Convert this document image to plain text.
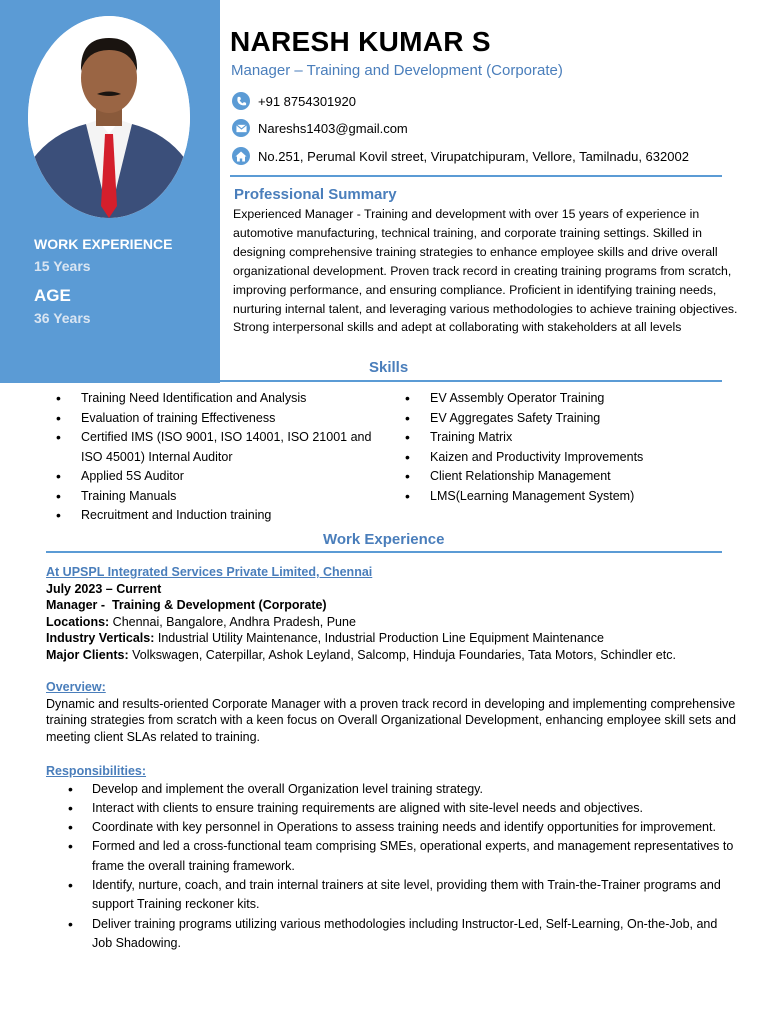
WORK EXPERIENCE
15 Years
AGE
36 Years
NARESH KUMAR S
Manager – Training and Development (Corporate)
+91 8754301920
Nareshs1403@gmail.com
No.251, Perumal Kovil street, Virupatchipuram, Vellore, Tamilnadu, 632002
Professional Summary
Experienced Manager - Training and development with over 15 years of experience in automotive manufacturing, technical training, and corporate training settings. Skilled in designing comprehensive training strategies to enhance employee skills and drive overall organizational development. Proven track record in creating training programs from scratch, improving performance, and ensuring compliance. Proficient in identifying training needs, nurturing internal talent, and leveraging various methodologies to achieve training objectives. Strong interpersonal skills and adept at collaborating with stakeholders at all levels
Skills
• Training Need Identification and Analysis
• Evaluation of training Effectiveness
• Certified IMS (ISO 9001, ISO 14001, ISO 21001 and ISO 45001) Internal Auditor
• Applied 5S Auditor
• Training Manuals
• Recruitment and Induction training
• EV Assembly Operator Training
• EV Aggregates Safety Training
• Training Matrix
• Kaizen and Productivity Improvements
• Client Relationship Management
• LMS(Learning Management System)
Work Experience
At UPSPL Integrated Services Private Limited, Chennai
July 2023 – Current
Manager -  Training & Development (Corporate)
Locations: Chennai, Bangalore, Andhra Pradesh, Pune
Industry Verticals: Industrial Utility Maintenance, Industrial Production Line Equipment Maintenance
Major Clients: Volkswagen, Caterpillar, Ashok Leyland, Salcomp, Hinduja Foundaries, Tata Motors, Schindler etc.
Overview:
Dynamic and results-oriented Corporate Manager with a proven track record in developing and implementing comprehensive training strategies from scratch with a keen focus on Overall Organizational Development, enhancing employee skill sets and meeting client SLAs related to training.
Responsibilities:
• Develop and implement the overall Organization level training strategy.
• Interact with clients to ensure training requirements are aligned with site-level needs and objectives.
• Coordinate with key personnel in Operations to assess training needs and identify opportunities for improvement.
• Formed and led a cross-functional team comprising SMEs, operational experts, and management representatives to frame the overall training framework.
• Identify, nurture, coach, and train internal trainers at site level, providing them with Train-the-Trainer programs and support Training reckoner kits.
• Deliver training programs utilizing various methodologies including Instructor-Led, Self-Learning, On-the-Job, and Job Shadowing.
